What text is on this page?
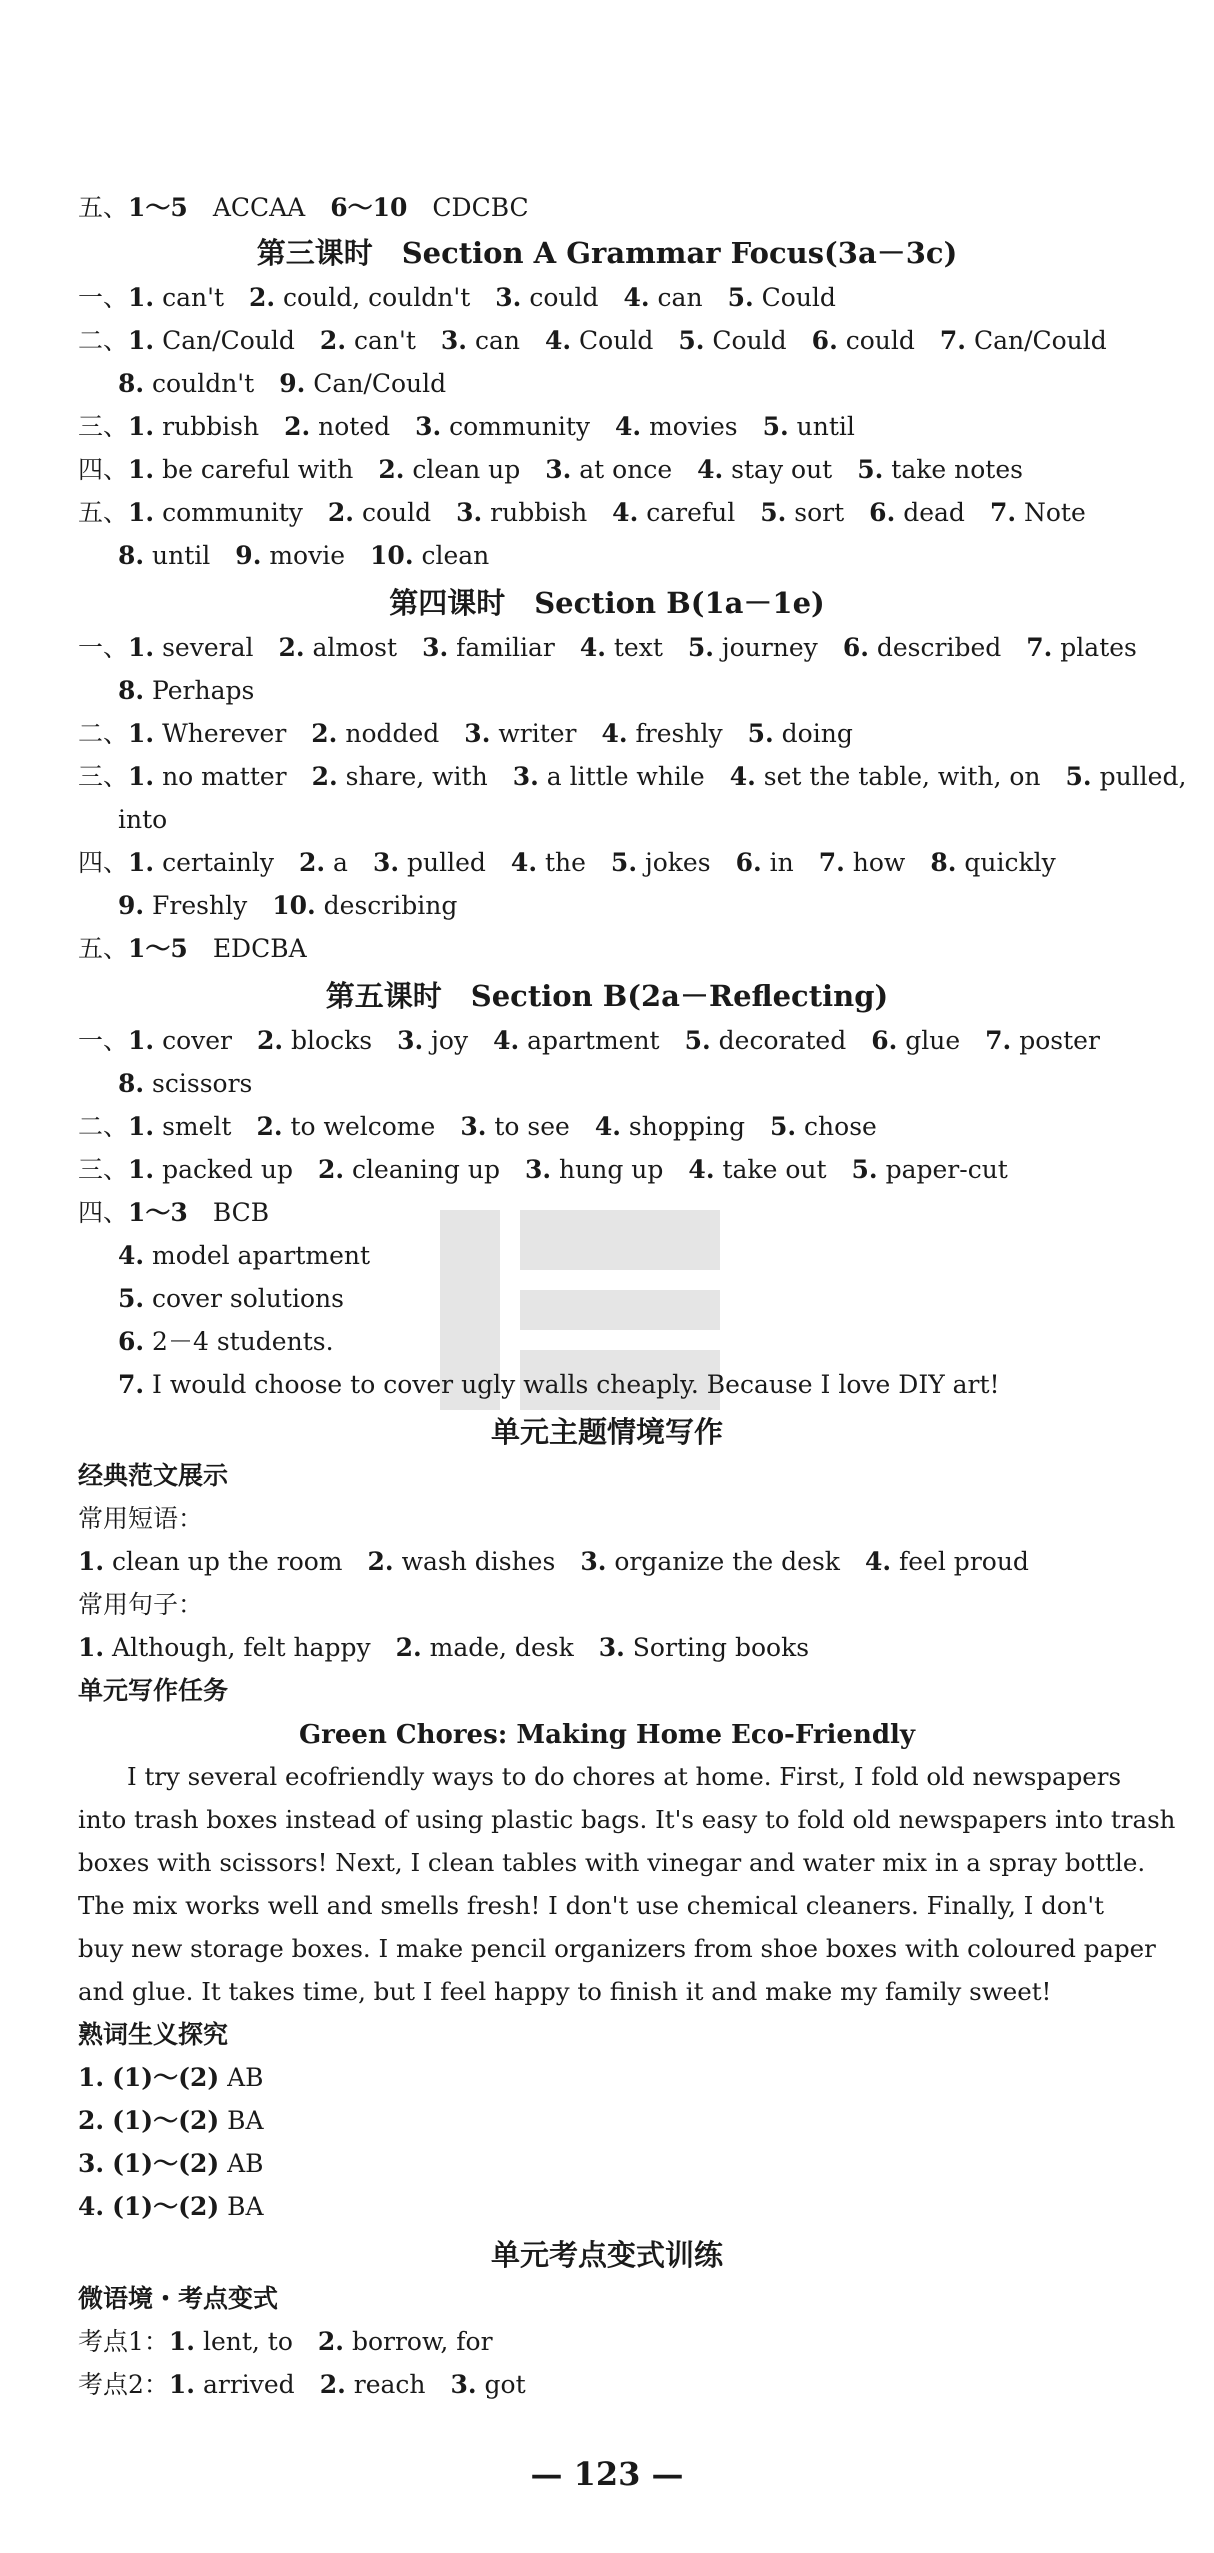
五、1～5　ACCAA　6～10　CDCBC
第三课时　Section A Grammar Focus(3a－3c)
一、1. can't　2. could, couldn't　3. could　4. can　5. Could
二、1. Can/Could　2. can't　3. can　4. Could　5. Could　6. could　7. Can/Could
8. couldn't　9. Can/Could
三、1. rubbish　2. noted　3. community　4. movies　5. until
四、1. be careful with　2. clean up　3. at once　4. stay out　5. take notes
五、1. community　2. could　3. rubbish　4. careful　5. sort　6. dead　7. Note
8. until　9. movie　10. clean
第四课时　Section B(1a－1e)
一、1. several　2. almost　3. familiar　4. text　5. journey　6. described　7. plates
8. Perhaps
二、1. Wherever　2. nodded　3. writer　4. freshly　5. doing
三、1. no matter　2. share, with　3. a little while　4. set the table, with, on　5. pulled,
into
四、1. certainly　2. a　3. pulled　4. the　5. jokes　6. in　7. how　8. quickly
9. Freshly　10. describing
五、1～5　EDCBA
第五课时　Section B(2a－Reflecting)
一、1. cover　2. blocks　3. joy　4. apartment　5. decorated　6. glue　7. poster
8. scissors
二、1. smelt　2. to welcome　3. to see　4. shopping　5. chose
三、1. packed up　2. cleaning up　3. hung up　4. take out　5. paper-cut
四、1～3　BCB
4. model apartment
5. cover solutions
6. 2－4 students.
7. I would choose to cover ugly walls cheaply. Because I love DIY art!
单元主题情境写作
经典范文展示
常用短语：
1. clean up the room　2. wash dishes　3. organize the desk　4. feel proud
常用句子：
1. Although, felt happy　2. made, desk　3. Sorting books
单元写作任务
Green Chores: Making Home Eco-Friendly
　　I try several ecofriendly ways to do chores at home. First, I fold old newspapers
into trash boxes instead of using plastic bags. It's easy to fold old newspapers into trash
boxes with scissors! Next, I clean tables with vinegar and water mix in a spray bottle.
The mix works well and smells fresh! I don't use chemical cleaners. Finally, I don't
buy new storage boxes. I make pencil organizers from shoe boxes with coloured paper
and glue. It takes time, but I feel happy to finish it and make my family sweet!
熟词生义探究
1. (1)～(2) AB
2. (1)～(2) BA
3. (1)～(2) AB
4. (1)～(2) BA
单元考点变式训练
微语境・考点变式
考点1：1. lent, to　2. borrow, for
考点2：1. arrived　2. reach　3. got
— 123 —
